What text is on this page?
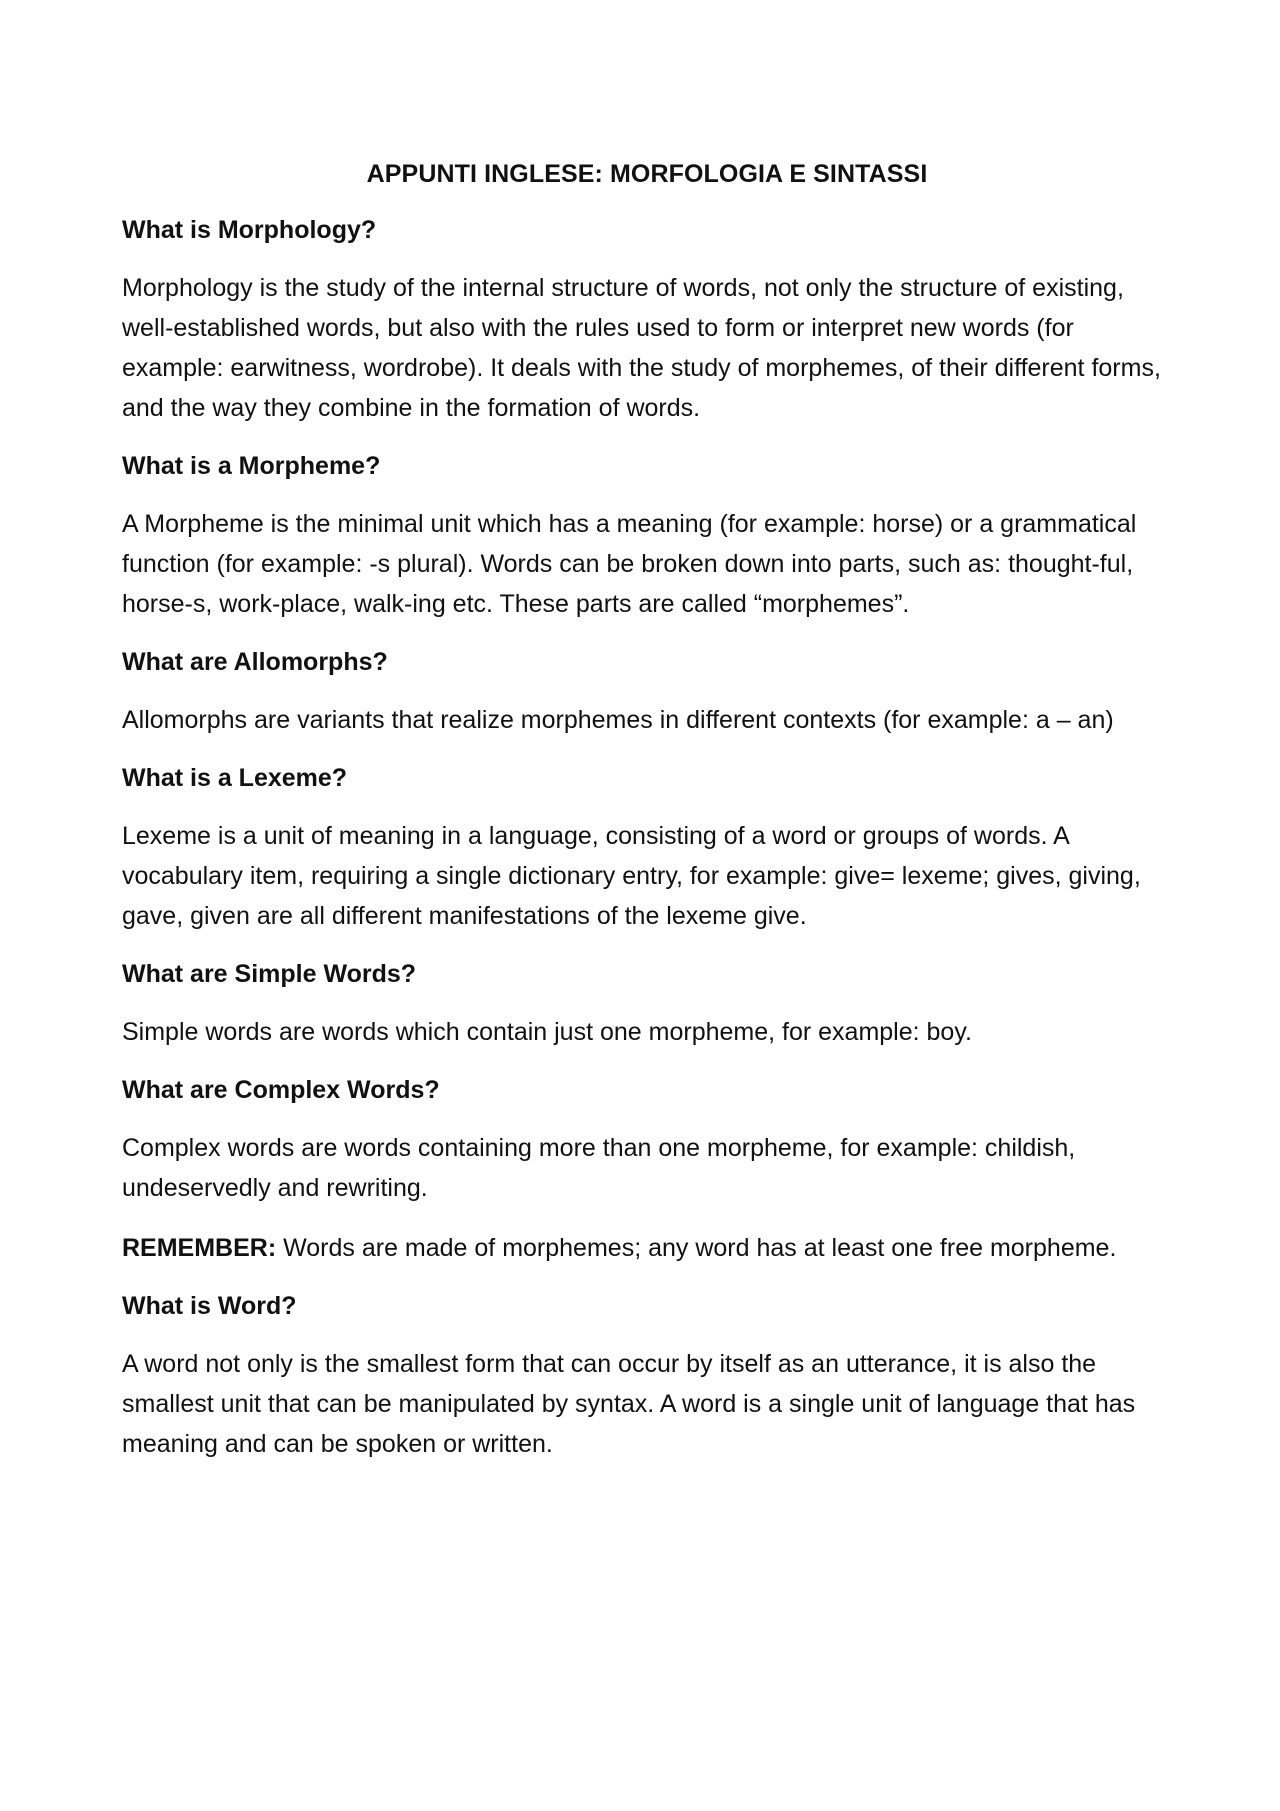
APPUNTI INGLESE: MORFOLOGIA E SINTASSI
What is Morphology?
Morphology is the study of the internal structure of words, not only the structure of existing, well-established words, but also with the rules used to form or interpret new words (for example: earwitness, wordrobe). It deals with the study of morphemes, of their different forms, and the way they combine in the formation of words.
What is a Morpheme?
A Morpheme is the minimal unit which has a meaning (for example: horse) or a grammatical function (for example: -s plural). Words can be broken down into parts, such as: thought-ful, horse-s, work-place, walk-ing etc. These parts are called “morphemes”.
What are Allomorphs?
Allomorphs are variants that realize morphemes in different contexts (for example: a – an)
What is a Lexeme?
Lexeme is a unit of meaning in a language, consisting of a word or groups of words. A vocabulary item, requiring a single dictionary entry, for example: give= lexeme; gives, giving, gave, given are all different manifestations of the lexeme give.
What are Simple Words?
Simple words are words which contain just one morpheme, for example: boy.
What are Complex Words?
Complex words are words containing more than one morpheme, for example: childish, undeservedly and rewriting.
REMEMBER: Words are made of morphemes; any word has at least one free morpheme.
What is Word?
A word not only is the smallest form that can occur by itself as an utterance, it is also the smallest unit that can be manipulated by syntax. A word is a single unit of language that has meaning and can be spoken or written.
